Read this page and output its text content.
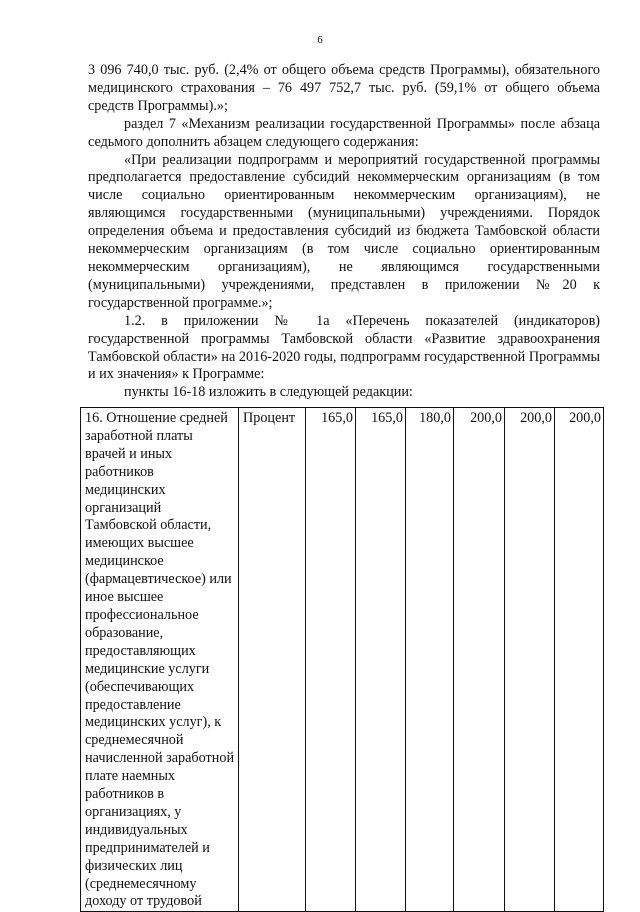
6

3 096 740,0 тыс. руб. (2,4% от общего объема средств Программы), обязательного медицинского страхования – 76 497 752,7 тыс. руб. (59,1% от общего объема средств Программы).»;

раздел 7 «Механизм реализации государственной Программы» после абзаца седьмого дополнить абзацем следующего содержания:

«При реализации подпрограмм и мероприятий государственной программы предполагается предоставление субсидий некоммерческим организациям (в том числе социально ориентированным некоммерческим организациям), не являющимся государственными (муниципальными) учреждениями. Порядок определения объема и предоставления субсидий из бюджета Тамбовской области некоммерческим организациям (в том числе социально ориентированным некоммерческим организациям), не являющимся государственными (муниципальными) учреждениями, представлен в приложении №20 к государственной программе.»;

1.2. в приложении № 1а «Перечень показателей (индикаторов) государственной программы Тамбовской области «Развитие здравоохранения Тамбовской области» на 2016-2020 годы, подпрограмм государственной Программы и их значения» к Программе:

пункты 16-18 изложить в следующей редакции:

16. Отношение средней заработной платы врачей и иных работников медицинских организаций Тамбовской области, имеющих высшее медицинское (фармацевтическое) или иное высшее профессиональное образование, предоставляющих медицинские услуги (обеспечивающих предоставление медицинских услуг), к среднемесячной начисленной заработной плате наемных работников в организациях, у индивидуальных предпринимателей и физических лиц (среднемесячному доходу от трудовой	Процент	165,0	165,0	180,0	200,0	200,0	200,0
